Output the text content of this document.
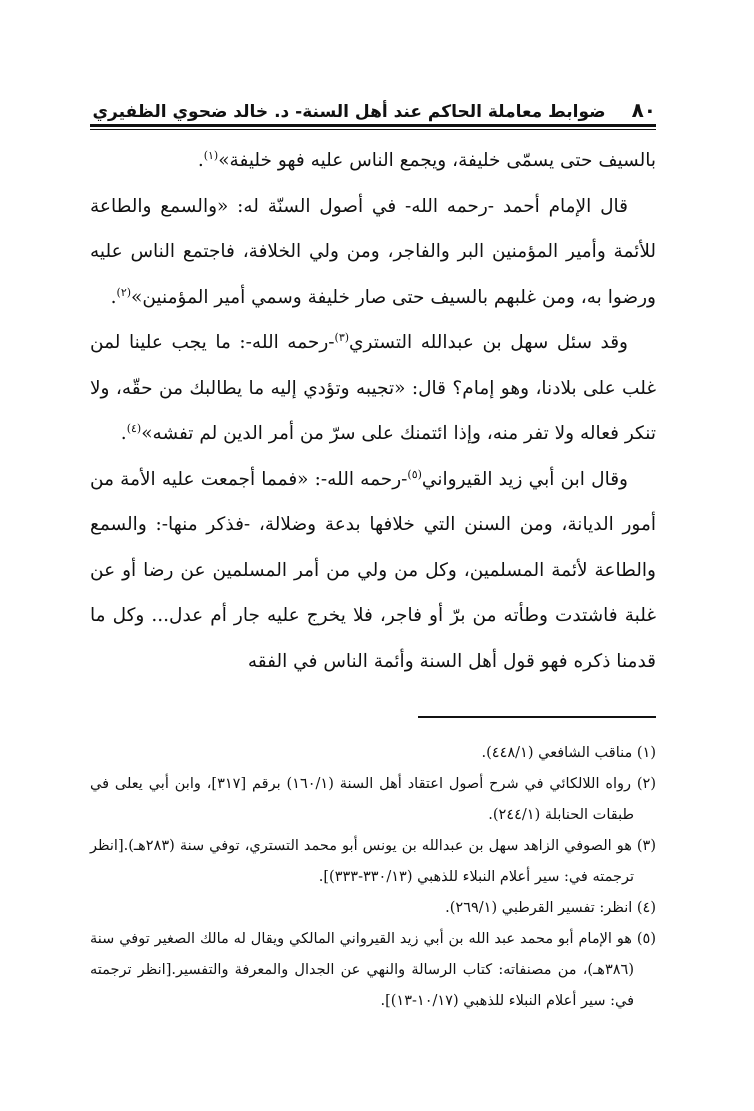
٨٠
ضوابط معاملة الحاكم عند أهل السنة- د. خالد ضحوي الظفيري

بالسيف حتى يسمّى خليفة، ويجمع الناس عليه فهو خليفة»$^{(١)}$.

قال الإمام أحمد -رحمه الله- في أصول السنّة له: «والسمع والطاعة للأئمة وأمير المؤمنين البر والفاجر، ومن ولي الخلافة، فاجتمع الناس عليه ورضوا به، ومن غلبهم بالسيف حتى صار خليفة وسمي أمير المؤمنين»$^{(٢)}$.

وقد سئل سهل بن عبدالله التستري$^{(٣)}$-رحمه الله-: ما يجب علينا لمن غلب على بلادنا، وهو إمام؟ قال: «تجيبه وتؤدي إليه ما يطالبك من حقّه، ولا تنكر فعاله ولا تفر منه، وإذا ائتمنك على سرّ من أمر الدين لم تفشه»$^{(٤)}$.

وقال ابن أبي زيد القيرواني$^{(٥)}$-رحمه الله-: «فمما أجمعت عليه الأمة من أمور الديانة، ومن السنن التي خلافها بدعة وضلالة، -فذكر منها-: والسمع والطاعة لأئمة المسلمين، وكل من ولي من أمر المسلمين عن رضا أو عن غلبة فاشتدت وطأته من برّ أو فاجر، فلا يخرج عليه جار أم عدل... وكل ما قدمنا ذكره فهو قول أهل السنة وأئمة الناس في الفقه

(١) مناقب الشافعي (٤٤٨/١).

(٢) رواه اللالكائي في شرح أصول اعتقاد أهل السنة (١٦٠/١) برقم [٣١٧]، وابن أبي يعلى في طبقات الحنابلة (٢٤٤/١).

(٣) هو الصوفي الزاهد سهل بن عبدالله بن يونس أبو محمد التستري، توفي سنة (٢٨٣هـ).[انظر ترجمته في: سير أعلام النبلاء للذهبي (٣٣٠/١٣-٣٣٣)].

(٤) انظر: تفسير القرطبي (٢٦٩/١).

(٥) هو الإمام أبو محمد عبد الله بن أبي زيد القيرواني المالكي ويقال له مالك الصغير توفي سنة (٣٨٦هـ)، من مصنفاته: كتاب الرسالة والنهي عن الجدال والمعرفة والتفسير.[انظر ترجمته في: سير أعلام النبلاء للذهبي (١٠/١٧-١٣)].
